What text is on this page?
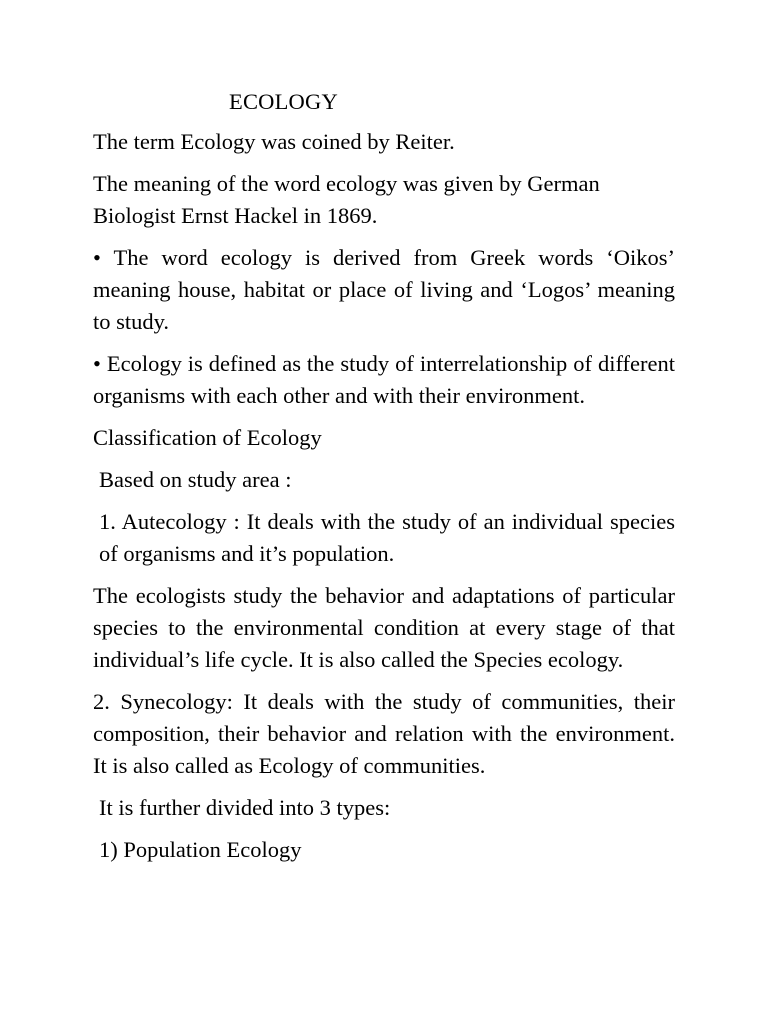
ECOLOGY

The term Ecology was coined by Reiter.

The meaning of the word ecology was given by German Biologist Ernst Hackel in 1869.

• The word ecology is derived from Greek words ‘Oikos’ meaning house, habitat or place of living and ‘Logos’ meaning to study.

• Ecology is defined as the study of interrelationship of different organisms with each other and with their environment.

Classification of Ecology

Based on study area :

1. Autecology : It deals with the study of an individual species of organisms and it’s population.

The ecologists study the behavior and adaptations of particular species to the environmental condition at every stage of that individual’s life cycle. It is also called the Species ecology.

2. Synecology: It deals with the study of communities, their composition, their behavior and relation with the environment. It is also called as Ecology of communities.

It is further divided into 3 types:

1) Population Ecology
